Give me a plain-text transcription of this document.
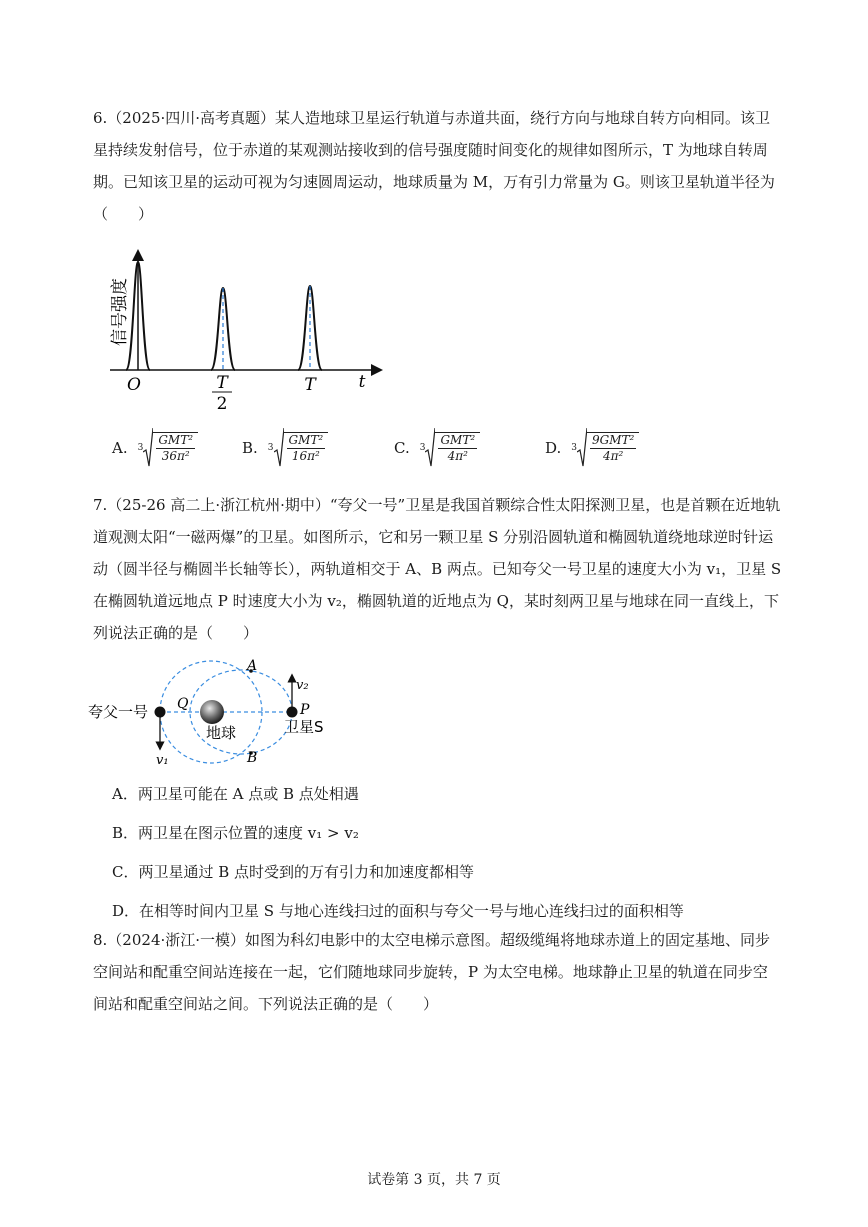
6.（2025·四川·高考真题）某人造地球卫星运行轨道与赤道共面，绕行方向与地球自转方向相同。该卫
星持续发射信号，位于赤道的某观测站接收到的信号强度随时间变化的规律如图所示，T 为地球自转周
期。已知该卫星的运动可视为匀速圆周运动，地球质量为 M，万有引力常量为 G。则该卫星轨道半径为
（　　）
信号强度
O	T
2
T	t
A. $3 \frac{\text{GMT²}}{\text{36π²}}$	B. $3 \frac{\text{GMT²}}{\text{16π²}}$	C. $3 \frac{\text{GMT²}}{\text{4π²}}$	D. $3 \frac{\text{9GMT²}}{\text{4π²}}$
7.（25-26 高二上·浙江杭州·期中）“夸父一号”卫星是我国首颗综合性太阳探测卫星，也是首颗在近地轨
道观测太阳“一磁两爆”的卫星。如图所示，它和另一颗卫星 S 分别沿圆轨道和椭圆轨道绕地球逆时针运
动（圆半径与椭圆半长轴等长），两轨道相交于 A、B 两点。已知夸父一号卫星的速度大小为 v₁，卫星 S
在椭圆轨道远地点 P 时速度大小为 v₂，椭圆轨道的近地点为 Q，某时刻两卫星与地球在同一直线上，下
列说法正确的是（　　）
A
B
Q	P
v₁
v₂
夸父一号
地球	卫星S
A．两卫星可能在 A 点或 B 点处相遇
B．两卫星在图示位置的速度 v₁ > v₂
C．两卫星通过 B 点时受到的万有引力和加速度都相等
D．在相等时间内卫星 S 与地心连线扫过的面积与夸父一号与地心连线扫过的面积相等
8.（2024·浙江·一模）如图为科幻电影中的太空电梯示意图。超级缆绳将地球赤道上的固定基地、同步
空间站和配重空间站连接在一起，它们随地球同步旋转，P 为太空电梯。地球静止卫星的轨道在同步空
间站和配重空间站之间。下列说法正确的是（　　）
试卷第 3 页，共 7 页
